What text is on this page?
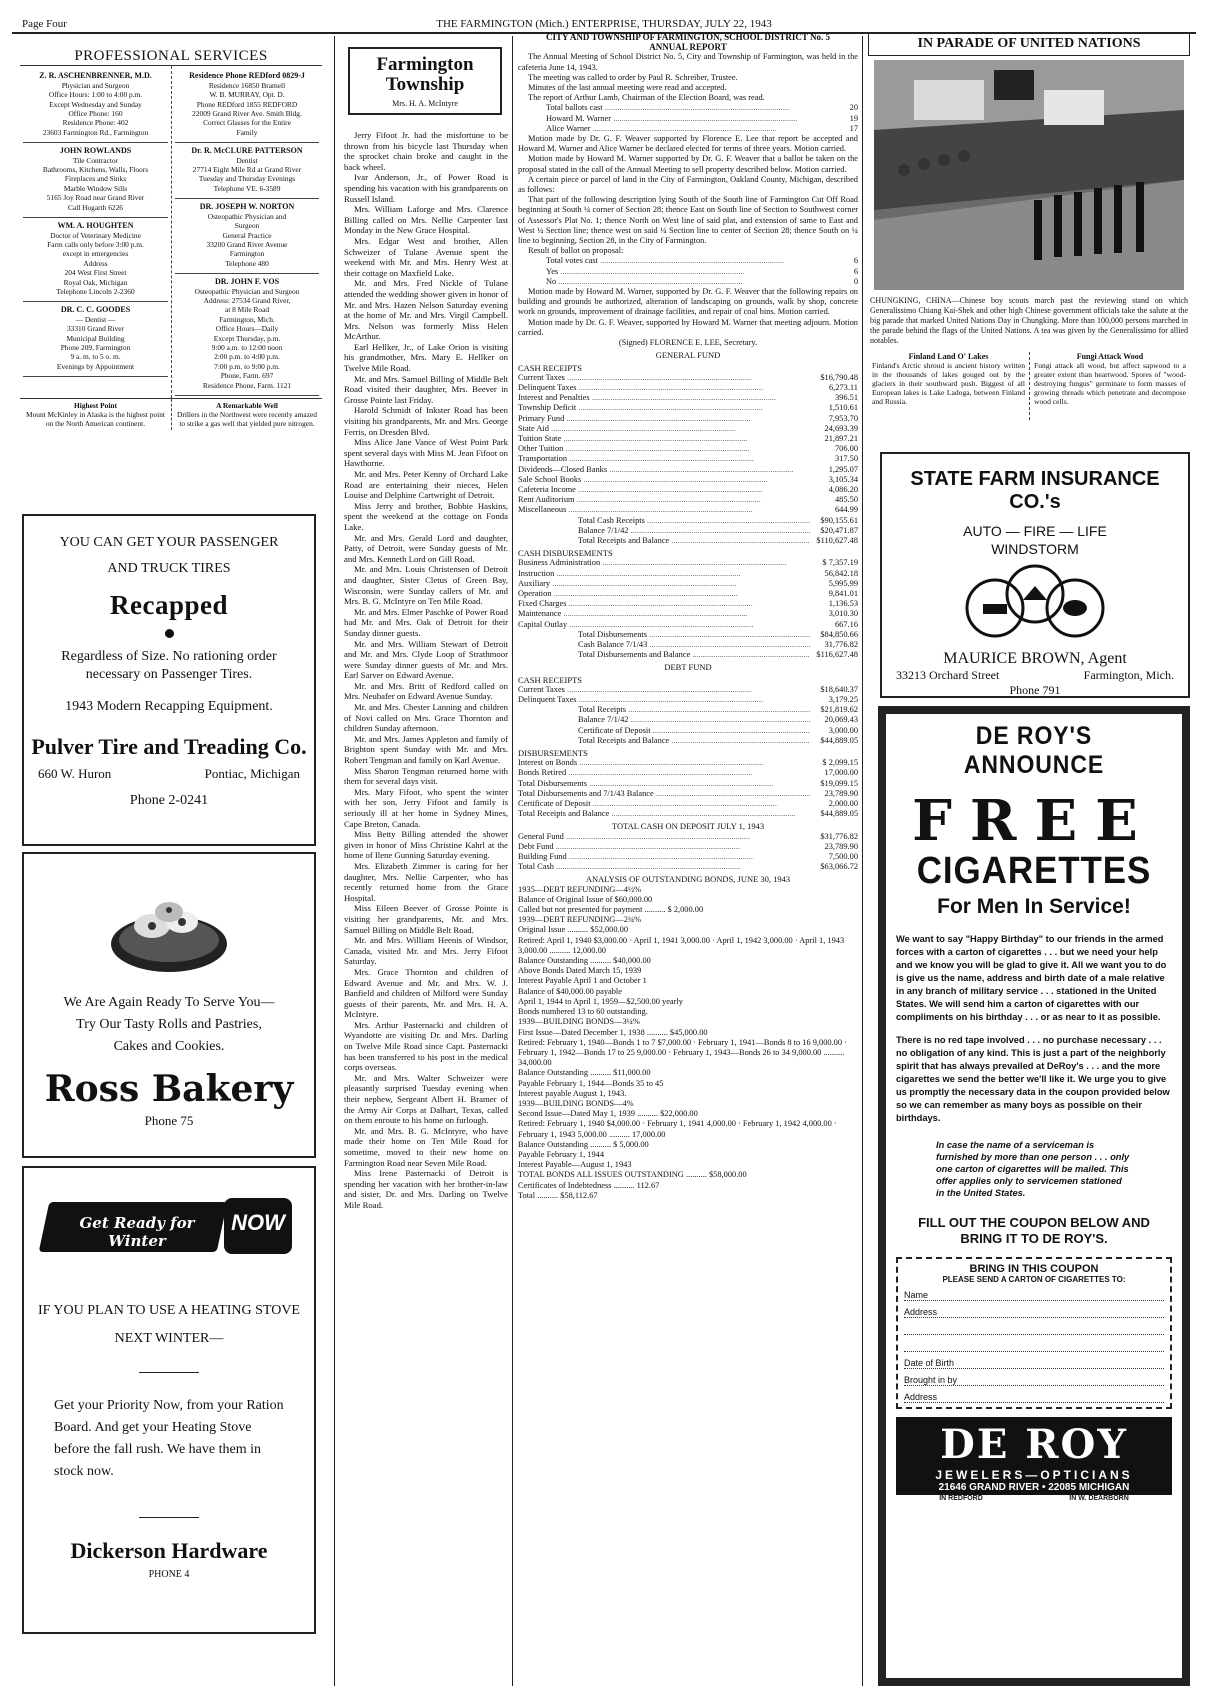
Page Four	THE FARMINGTON (Mich.) ENTERPRISE, THURSDAY, JULY 22, 1943
PROFESSIONAL SERVICES
Z. R. ASCHENBRENNER, M.D.

Physician and Surgeon

Office Hours: 1:00 to 4:00 p.m.

Except Wednesday and Sunday

Office Phone: 160

Residence Phone: 402

23603 Farmington Rd., Farmington

JOHN ROWLANDS

Tile Contractor

Bathrooms, Kitchens, Walls, Floors

Fireplaces and Sinks

Marble Window Sills

5165 Joy Road near Grand River

Call Hogarth 6226

WM. A. HOUGHTEN

Doctor of Veterinary Medicine

Farm calls only before 3:00 p.m.

except in emergencies

Address

204 West First Street

Royal Oak, Michigan

Telephone Lincoln 2-2360

DR. C. C. GOODES

— Dentist —

33310 Grand River

Municipal Building

Phone 209, Farmington

9 a. m. to 5 o. m.

Evenings by Appointment

Residence Phone REDford 0829-J

Residence 16850 Bramell

W. B. MURRAY, Opt. D.

Phone REDford 1855 REDFORD

22009 Grand River Ave. Smith Bldg.

Correct Glasses for the Entire

Family

Dr. R. McCLURE PATTERSON

Dentist

27714 Eight Mile Rd at Grand River

Tuesday and Thursday Evenings

Telephone VE. 6-3589

DR. JOSEPH W. NORTON

Osteopathic Physician and

Surgeon

General Practice

33200 Grand River Avenue

Farmington

Telephone 480

DR. JOHN F. VOS

Osteopathic Physician and Surgeon

Address: 27534 Grand River,

at 8 Mile Road

Farmington, Mich.

Office Hours—Daily

Except Thursday, p.m.

9:00 a.m. to 12:00 noon

2:00 p.m. to 4:00 p.m.

7:00 p.m. to 9:00 p.m.

Phone, Farm. 697

Residence Phone, Farm. 1121

Highest Point
Mount McKinley in Alaska is the highest point on the North American continent.
A Remarkable Well
Drillers in the Northwest were recently amazed to strike a gas well that yielded pure nitrogen.

YOU CAN GET YOUR PASSENGER

AND TRUCK TIRES

Recapped

Regardless of Size. No rationing order

necessary on Passenger Tires.

1943 Modern Recapping Equipment.

Pulver Tire and Treading Co.
660 W. Huron	Pontiac, Michigan

Phone 2-0241

We Are Again Ready To Serve You—

Try Our Tasty Rolls and Pastries,

Cakes and Cookies.

Ross Bakery

Phone 75

Get Ready for Winter
NOW

IF YOU PLAN TO USE A HEATING STOVE

NEXT WINTER—

Get your Priority Now, from your Ration

Board. And get your Heating Stove

before the fall rush. We have them in

stock now.

Dickerson Hardware

PHONE 4

Farmington Township
Mrs. H. A. McIntyre

Jerry Fifoot Jr. had the misfortune to be thrown from his bicycle last Thursday when the sprocket chain broke and caught in the back wheel.

Ivar Anderson, Jr., of Power Road is spending his vacation with his grandparents on Russell Island.

Mrs. William Laforge and Mrs. Clarence Billing called on Mrs. Nellie Carpenter last Monday in the New Grace Hospital.

Mrs. Edgar West and brother, Allen Schweizer of Tulane Avenue spent the weekend with Mr. and Mrs. Henry West at their cottage on Maxfield Lake.

Mr. and Mrs. Fred Nickle of Tulane attended the wedding shower given in honor of Mr. and Mrs. Hazen Nelson Saturday evening at the home of Mr. and Mrs. Virgil Campbell. Mrs. Nelson was formerly Miss Helen McArthur.

Earl Hellker, Jr., of Lake Orion is visiting his grandmother, Mrs. Mary E. Hellker on Twelve Mile Road.

Mr. and Mrs. Samuel Billing of Middle Belt Road visited their daughter, Mrs. Beever in Grosse Pointe last Friday.

Harold Schmidt of Inkster Road has been visiting his grandparents, Mr. and Mrs. George Ferris, on Dresden Blvd.

Miss Alice Jane Vance of West Point Park spent several days with Miss M. Jean Fifoot on Hawthorne.

Mr. and Mrs. Peter Kenny of Orchard Lake Road are entertaining their nieces, Helen Louise and Delphine Cartwright of Detroit.

Miss Jerry and brother, Bobbie Haskins, spent the weekend at the cottage on Fonda Lake.

Mr. and Mrs. Gerald Lord and daughter, Patty, of Detroit, were Sunday guests of Mr. and Mrs. Kenneth Lord on Gill Road.

Mr. and Mrs. Louis Christensen of Detroit and daughter, Sister Cletus of Green Bay, Wisconsin, were Sunday callers of Mr. and Mrs. B. G. McIntyre on Ten Mile Road.

Mr. and Mrs. Elmer Paschke of Power Road had Mr. and Mrs. Oak of Detroit for their Sunday dinner guests.

Mr. and Mrs. William Stewart of Detroit and Mr. and Mrs. Clyde Loop of Strathmoor were Sunday dinner guests of Mr. and Mrs. Earl Sarver on Edward Avenue.

Mr. and Mrs. Britt of Redford called on Mrs. Neubafer on Edward Avenue Sunday.

Mr. and Mrs. Chester Lanning and children of Novi called on Mrs. Grace Thornton and children Sunday afternoon.

Mr. and Mrs. James Appleton and family of Brighton spent Sunday with Mr. and Mrs. Robert Tengman and family on Karl Avenue.

Miss Sharon Tengman returned home with them for several days visit.

Mrs. Mary Fifoot, who spent the winter with her son, Jerry Fifoot and family is seriously ill at her home in Sydney Mines, Cape Breton, Canada.

Miss Betty Billing attended the shower given in honor of Miss Christine Kahrl at the home of Ilene Gunning Saturday evening.

Mrs. Elizabeth Zimmer is caring for her daughter, Mrs. Nellie Carpenter, who has recently returned home from the Grace Hospital.

Miss Eileen Beever of Grosse Pointe is visiting her grandparents, Mr. and Mrs. Samuel Billing on Middle Belt Road.

Mr. and Mrs. William Heenis of Windsor, Canada, visited Mr. and Mrs. Jerry Fifoot Saturday.

Mrs. Grace Thornton and children of Edward Avenue and Mr. and Mrs. W. J. Banfield and children of Milford were Sunday guests of their parents, Mr. and Mrs. H. A. McIntyre.

Mrs. Arthur Pasternacki and children of Wyandotte are visiting Dr. and Mrs. Darling on Twelve Mile Road since Capt. Pasternacki has been transferred to his post in the medical corps overseas.

Mr. and Mrs. Walter Schweizer were pleasantly surprised Tuesday evening when their nephew, Sergeant Albert H. Bramer of the Army Air Corps at Dalhart, Texas, called on them enroute to his home on furlough.

Mr. and Mrs. B. G. McIntyre, who have made their home on Ten Mile Road for sometime, moved to their new home on Farmington Road near Seven Mile Road.

Miss Irene Pasternacki of Detroit is spending her vacation with her brother-in-law and sister, Dr. and Mrs. Darling on Twelve Mile Road.

CITY AND TOWNSHIP OF FARMINGTON, SCHOOL DISTRICT No. 5
ANNUAL REPORT

The Annual Meeting of School District No. 5, City and Township of Farmington, was held in the cafeteria June 14, 1943.

The meeting was called to order by Paul R. Schreiber, Trustee.

Minutes of the last annual meeting were read and accepted.

The report of Arthur Lamb, Chairman of the Election Board, was read.

Total ballots cast .....	20
Howard M. Warner .....	19
Alice Warner .....	17

Motion made by Dr. G. F. Weaver supported by Florence E. Lee that report be accepted and Howard M. Warner and Alice Warner be declared elected for terms of three years. Motion carried.

Motion made by Howard M. Warner supported by Dr. G. F. Weaver that a ballot be taken on the proposal stated in the call of the Annual Meeting to sell property described below. Motion carried.

A certain piece or parcel of land in the City of Farmington, Oakland County, Michigan, described as follows:

That part of the following description lying South of the South line of Farmington Cut Off Road beginning at South ¼ corner of Section 28; thence East on South line of Section to Southwest corner of Assessor's Plat No. 1; thence North on West line of said plat, and extension of same to East and West ¼ Section line; thence west on said ¼ Section line to center of Section 28; thence South on ¼ line to beginning, Section 28, in the City of Farmington.

Result of ballot on proposal:

Total votes cast .....	6
Yes .....	6
No .....	0

Motion made by Howard M. Warner, supported by Dr. G. F. Weaver that the following repairs on building and grounds be authorized, alteration of landscaping on grounds, walk by shop, concrete work on grounds, improvement of drainage facilities, and repair of coal bins. Motion carried.

Motion made by Dr. G. F. Weaver, supported by Howard M. Warner that meeting adjourn. Motion carried.

(Signed) FLORENCE E. LEE, Secretary.
GENERAL FUND
CASH RECEIPTS
Current Taxes .....	$16,790.48
Delinquent Taxes .....	6,273.11
Interest and Penalties .....	396.51
Township Deficit .....	1,510.61
Primary Fund .....	7,953.70
State Aid .....	24,693.39
Tuition State .....	21,897.21
Other Tuition .....	706.00
Transportation .....	317.50
Dividends—Closed Banks .....	1,295.07
Sale School Books .....	3,105.34
Cafeteria Income .....	4,086.20
Rent Auditorium .....	485.50
Miscellaneous .....	644.99
Total Cash Receipts .....	$90,155.61
Balance 7/1/42 .....	$20,471.87
Total Receipts and Balance .....	$110,627.48
CASH DISBURSEMENTS
Business Administration .....	$ 7,357.19
Instruction .....	56,842.18
Auxiliary .....	5,995.99
Operation .....	9,841.01
Fixed Charges .....	1,136.53
Maintenance .....	3,010.30
Capital Outlay .....	667.16
Total Disbursements .....	$84,850.66
Cash Balance 7/1/43 .....	31,776.82
Total Disbursements and Balance .....	$116,627.48
DEBT FUND
CASH RECEIPTS
Current Taxes .....	$18,640.37
Delinquent Taxes .....	3,179.25
Total Receipts .....	$21,819.62
Balance 7/1/42 .....	20,069.43
Certificate of Deposit .....	3,000.00
Total Receipts and Balance .....	$44,889.05
DISBURSEMENTS
Interest on Bonds .....	$ 2,099.15
Bonds Retired .....	17,000.00
Total Disbursements .....	$19,099.15
Total Disbursements and 7/1/43 Balance .....	23,789.90
Certificate of Deposit .....	2,000.00
Total Receipts and Balance .....	$44,889.05
TOTAL CASH ON DEPOSIT JULY 1, 1943
General Fund .....	$31,776.82
Debt Fund .....	23,789.90
Building Fund .....	7,500.00
Total Cash .....	$63,066.72
ANALYSIS OF OUTSTANDING BONDS, JUNE 30, 1943
1935—DEBT REFUNDING—4½%
Balance of Original Issue of $60,000.00
Called but not presented for payment .......... $ 2,000.00
1939—DEBT REFUNDING—2¾%
Original Issue .......... $52,000.00
Retired: April 1, 1940 $3,000.00 · April 1, 1941 3,000.00 · April 1, 1942 3,000.00 · April 1, 1943 3,000.00 .......... 12,000.00
Balance Outstanding .......... $40,000.00
Above Bonds Dated March 15, 1939
Interest Payable April 1 and October 1
Balance of $40,000.00 payable
April 1, 1944 to April 1, 1959—$2,500.00 yearly
Bonds numbered 13 to 60 outstanding.
1939—BUILDING BONDS—3¼%
First Issue—Dated December 1, 1938 .......... $45,000.00
Retired: February 1, 1940—Bonds 1 to 7 $7,000.00 · February 1, 1941—Bonds 8 to 16 9,000.00 · February 1, 1942—Bonds 17 to 25 9,000.00 · February 1, 1943—Bonds 26 to 34 9,000.00 .......... 34,000.00
Balance Outstanding .......... $11,000.00
Payable February 1, 1944—Bonds 35 to 45
Interest payable August 1, 1943.
1939—BUILDING BONDS—4%
Second Issue—Dated May 1, 1939 .......... $22,000.00
Retired: February 1, 1940 $4,000.00 · February 1, 1941 4,000.00 · February 1, 1942 4,000.00 · February 1, 1943 5,000.00 .......... 17,000.00
Balance Outstanding .......... $ 5,000.00
Payable February 1, 1944
Interest Payable—August 1, 1943
TOTAL BONDS ALL ISSUES OUTSTANDING .......... $58,000.00
Certificates of Indebtedness .......... 112.67
Total .......... $58,112.67
IN PARADE OF UNITED NATIONS
CHUNGKING, CHINA—Chinese boy scouts march past the reviewing stand on which Generalissimo Chiang Kai-Shek and other high Chinese government officials take the salute at the big parade that marked United Nations Day in Chungking. More than 100,000 persons marched in the parade behind the flags of the United Nations. A tea was given by the Generalissimo for allied notables.
Finland Land O' Lakes
Finland's Arctic shroud is ancient history written in the thousands of lakes gouged out by the glaciers in their southward push. Biggest of all European lakes is Lake Ladoga, between Finland and Russia.
Fungi Attack Wood
Fungi attack all wood, but affect sapwood to a greater extent than heartwood. Spores of "wood-destroying fungus" germinate to form masses of growing threads which penetrate and decompose wood cells.
STATE FARM INSURANCE CO.'s
AUTO — FIRE — LIFE
WINDSTORM
MAURICE BROWN, Agent
33213 Orchard Street	Farmington, Mich.
Phone 791
DE ROY'S ANNOUNCE
FREE
CIGARETTES
For Men In Service!
We want to say "Happy Birthday" to our friends in the armed forces with a carton of cigarettes . . . but we need your help and we know you will be glad to give it. All we want you to do is give us the name, address and birth date of a male relative in any branch of military service . . . stationed in the United States. We will send him a carton of cigarettes with our compliments on his birthday . . . or as near to it as possible.
There is no red tape involved . . . no purchase necessary . . . no obligation of any kind. This is just a part of the neighborly spirit that has always prevailed at DeRoy's . . . and the more cigarettes we send the better we'll like it. We urge you to give us promptly the necessary data in the coupon provided below so we can remember as many boys as possible on their birthdays.
In case the name of a serviceman is furnished by more than one person . . . only one carton of cigarettes will be mailed. This offer applies only to servicemen stationed in the United States.
FILL OUT THE COUPON BELOW AND BRING IT TO DE ROY'S.
BRING IN THIS COUPON
PLEASE SEND A CARTON OF CIGARETTES TO:
Name
Address
Date of Birth
Brought in by
Address
DE ROY
JEWELERS—OPTICIANS
21646 GRAND RIVER • 22085 MICHIGAN
IN REDFORD	IN W. DEARBORN
